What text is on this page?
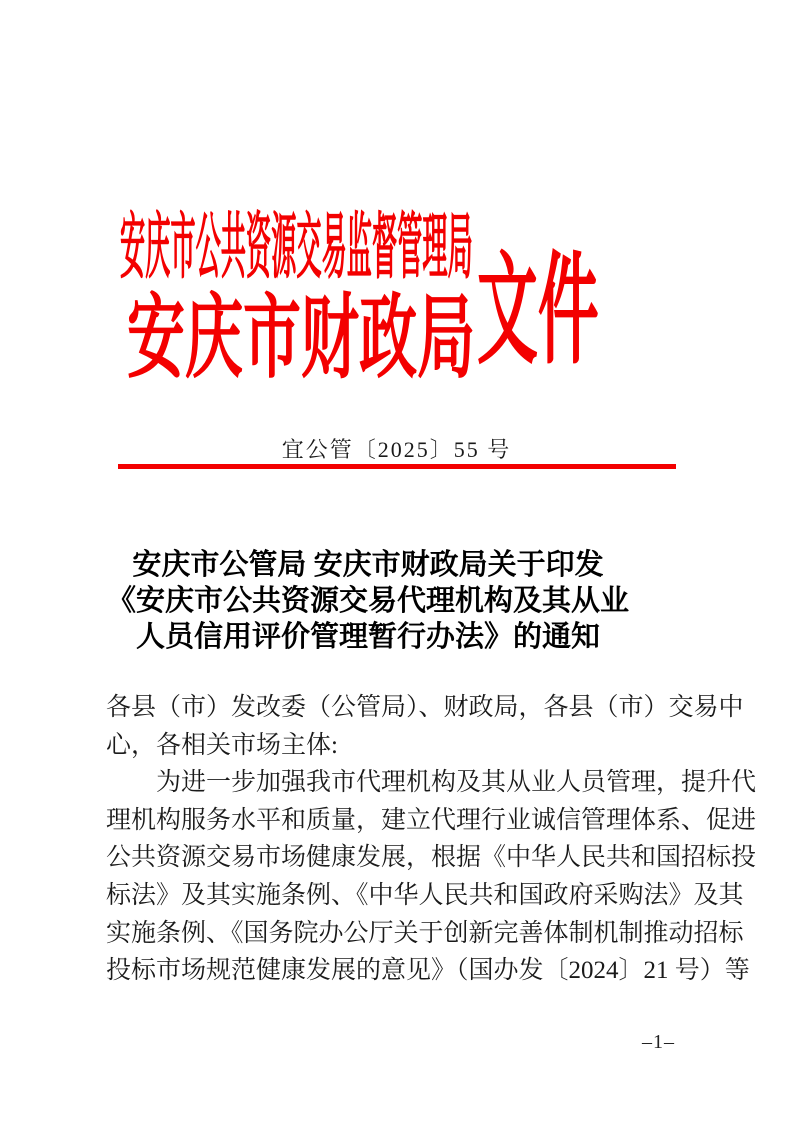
安庆市公共资源交易监督管理局
安庆市财政局 文件
宜公管〔2025〕55 号
安庆市公管局 安庆市财政局关于印发
《安庆市公共资源交易代理机构及其从业
人员信用评价管理暂行办法》的通知
各县（市）发改委（公管局）、财政局，各县（市）交易中
心，各相关市场主体:
为进一步加强我市代理机构及其从业人员管理，提升代
理机构服务水平和质量，建立代理行业诚信管理体系、促进
公共资源交易市场健康发展，根据《中华人民共和国招标投
标法》及其实施条例、《中华人民共和国政府采购法》及其
实施条例、《国务院办公厅关于创新完善体制机制推动招标
投标市场规范健康发展的意见》（国办发〔2024〕21 号）等
–1–
